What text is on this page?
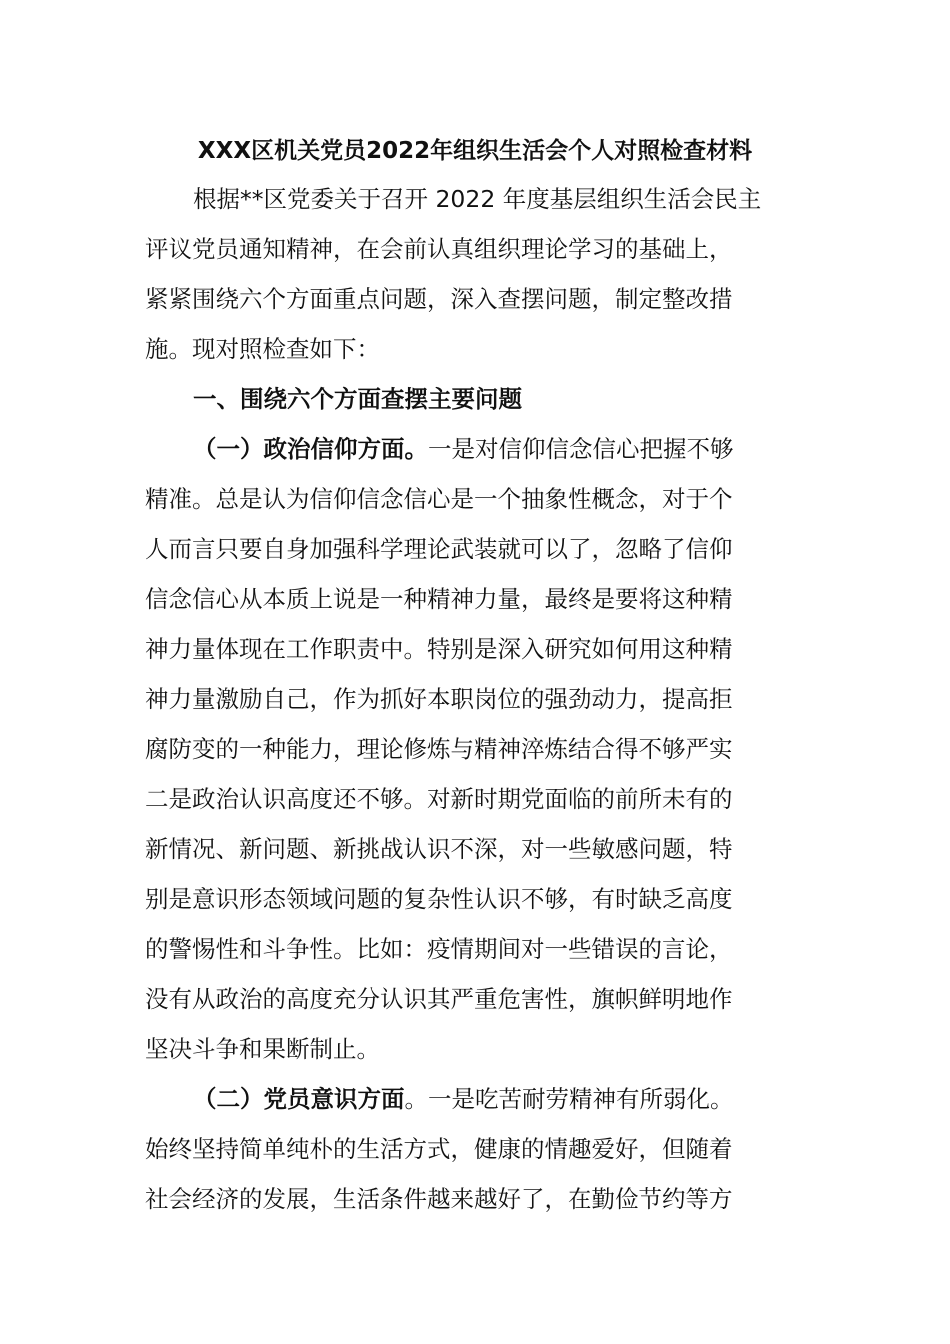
XXX区机关党员2022年组织生活会个人对照检查材料
根据**区党委关于召开 2022 年度基层组织生活会民主
评议党员通知精神，在会前认真组织理论学习的基础上，
紧紧围绕六个方面重点问题，深入查摆问题，制定整改措
施。现对照检查如下：
一、围绕六个方面查摆主要问题
（一）政治信仰方面。一是对信仰信念信心把握不够
精准。总是认为信仰信念信心是一个抽象性概念，对于个
人而言只要自身加强科学理论武装就可以了，忽略了信仰
信念信心从本质上说是一种精神力量，最终是要将这种精
神力量体现在工作职责中。特别是深入研究如何用这种精
神力量激励自己，作为抓好本职岗位的强劲动力，提高拒
腐防变的一种能力，理论修炼与精神淬炼结合得不够严实
二是政治认识高度还不够。对新时期党面临的前所未有的
新情况、新问题、新挑战认识不深，对一些敏感问题，特
别是意识形态领域问题的复杂性认识不够，有时缺乏高度
的警惕性和斗争性。比如：疫情期间对一些错误的言论，
没有从政治的高度充分认识其严重危害性，旗帜鲜明地作
坚决斗争和果断制止。
（二）党员意识方面。一是吃苦耐劳精神有所弱化。
始终坚持简单纯朴的生活方式，健康的情趣爱好，但随着
社会经济的发展，生活条件越来越好了，在勤俭节约等方
